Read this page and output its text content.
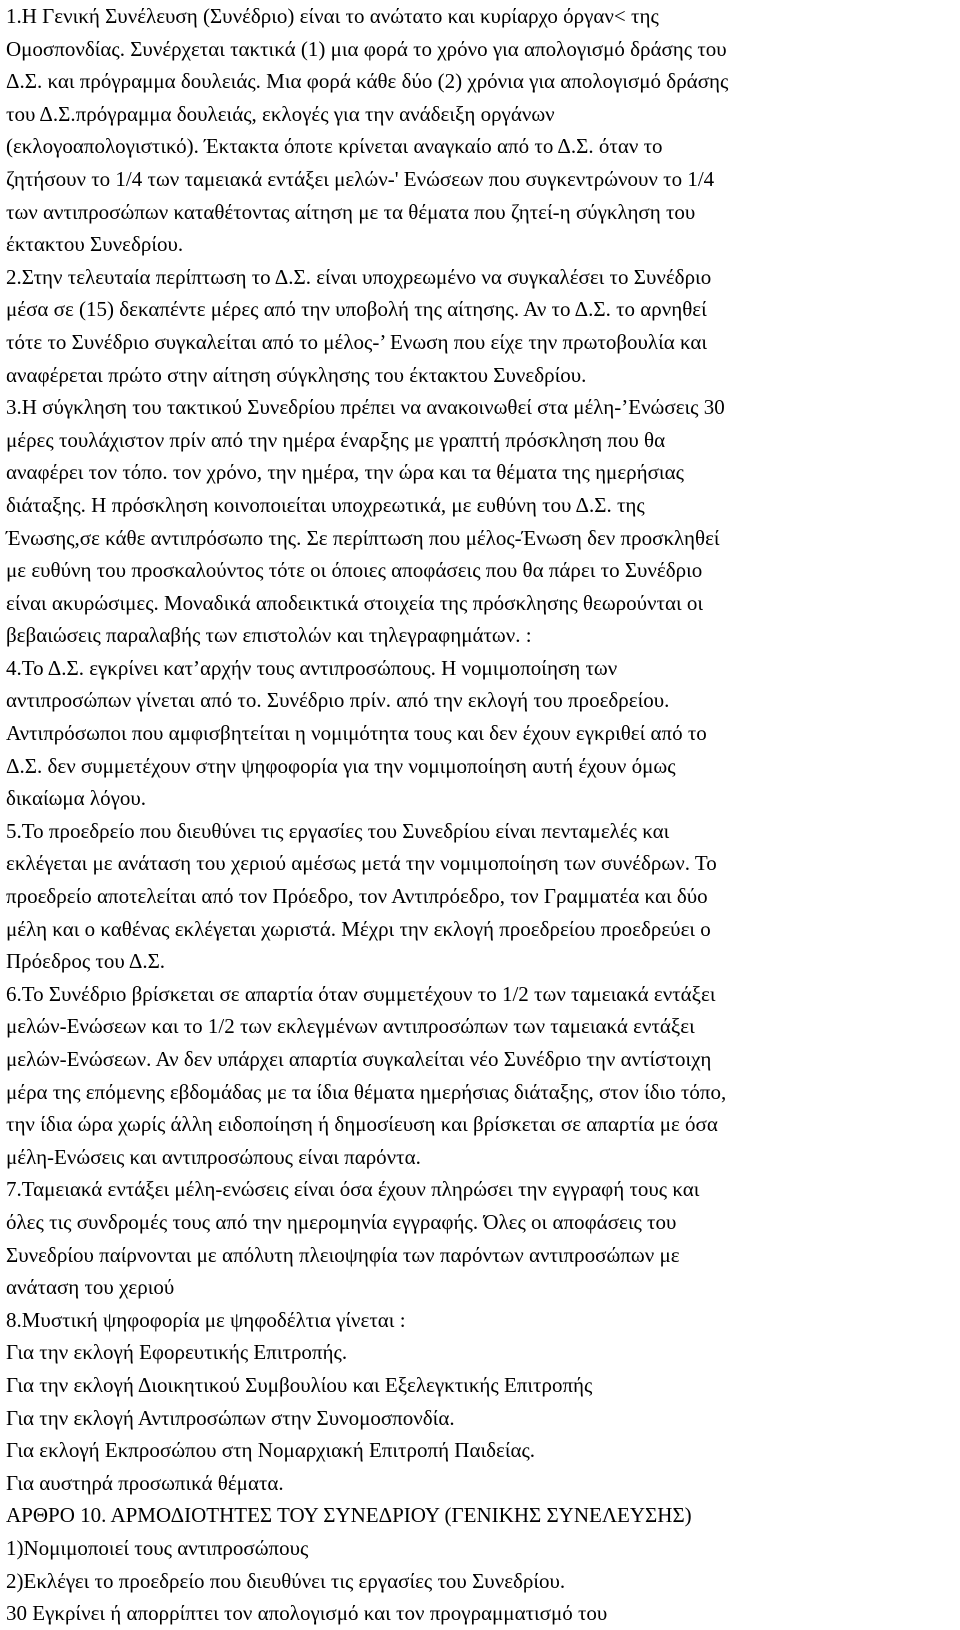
1.Η Γενική Συνέλευση (Συνέδριο) είναι το ανώτατο και κυρίαρχο όργαν< της
Ομοσπονδίας. Συνέρχεται τακτικά (1) μια φορά το χρόνο για απολογισμό δράσης του
Δ.Σ. και πρόγραμμα δουλειάς. Μια φορά κάθε δύο (2) χρόνια για απολογισμό δράσης
του Δ.Σ.πρόγραμμα δουλειάς, εκλογές για την ανάδειξη οργάνων
(εκλογοαπολογιστικό). Έκτακτα όποτε κρίνεται αναγκαίο από το Δ.Σ. όταν το
ζητήσουν το 1/4 των ταμειακά εντάξει μελών-' Ενώσεων που συγκεντρώνουν το 1/4
των αντιπροσώπων καταθέτοντας αίτηση με τα θέματα που ζητεί-η σύγκληση του
έκτακτου Συνεδρίου.
2.Στην τελευταία περίπτωση το Δ.Σ. είναι υποχρεωμένο να συγκαλέσει το Συνέδριο
μέσα σε (15) δεκαπέντε μέρες από την υποβολή της αίτησης. Αν το Δ.Σ. το αρνηθεί
τότε το Συνέδριο συγκαλείται από το μέλος-’ Ενωση που είχε την πρωτοβουλία και
αναφέρεται πρώτο στην αίτηση σύγκλησης του έκτακτου Συνεδρίου.
3.Η σύγκληση του τακτικού Συνεδρίου πρέπει να ανακοινωθεί στα μέλη-’Ενώσεις 30
μέρες τουλάχιστον πρίν από την ημέρα έναρξης με γραπτή πρόσκληση που θα
αναφέρει τον τόπο. τον χρόνο, την ημέρα, την ώρα και τα θέματα της ημερήσιας
διάταξης. Η πρόσκληση κοινοποιείται υποχρεωτικά, με ευθύνη του Δ.Σ. της
Ένωσης,σε κάθε αντιπρόσωπο της. Σε περίπτωση που μέλος-Ένωση δεν προσκληθεί
με ευθύνη του προσκαλούντος τότε οι όποιες αποφάσεις που θα πάρει το Συνέδριο
είναι ακυρώσιμες. Μοναδικά αποδεικτικά στοιχεία της πρόσκλησης θεωρούνται οι
βεβαιώσεις παραλαβής των επιστολών και τηλεγραφημάτων. :
4.Το Δ.Σ. εγκρίνει κατ’αρχήν τους αντιπροσώπους. Η νομιμοποίηση των
αντιπροσώπων γίνεται από το. Συνέδριο πρίν. από την εκλογή του προεδρείου.
Αντιπρόσωποι που αμφισβητείται η νομιμότητα τους και δεν έχουν εγκριθεί από το
Δ.Σ. δεν συμμετέχουν στην ψηφοφορία για την νομιμοποίηση αυτή έχουν όμως
δικαίωμα λόγου.
5.Το προεδρείο που διευθύνει τις εργασίες του Συνεδρίου είναι πενταμελές και
εκλέγεται με ανάταση του χεριού αμέσως μετά την νομιμοποίηση των συνέδρων. Το
προεδρείο αποτελείται από τον Πρόεδρο, τον Αντιπρόεδρο, τον Γραμματέα και δύο
μέλη και ο καθένας εκλέγεται χωριστά. Μέχρι την εκλογή προεδρείου προεδρεύει ο
Πρόεδρος του Δ.Σ.
6.Το Συνέδριο βρίσκεται σε απαρτία όταν συμμετέχουν το 1/2 των ταμειακά εντάξει
μελών-Ενώσεων και το 1/2 των εκλεγμένων αντιπροσώπων των ταμειακά εντάξει
μελών-Ενώσεων. Αν δεν υπάρχει απαρτία συγκαλείται νέο Συνέδριο την αντίστοιχη
μέρα της επόμενης εβδομάδας με τα ίδια θέματα ημερήσιας διάταξης, στον ίδιο τόπο,
την ίδια ώρα χωρίς άλλη ειδοποίηση ή δημοσίευση και βρίσκεται σε απαρτία με όσα
μέλη-Ενώσεις και αντιπροσώπους είναι παρόντα.
7.Ταμειακά εντάξει μέλη-ενώσεις είναι όσα έχουν πληρώσει την εγγραφή τους και
όλες τις συνδρομές τους από την ημερομηνία εγγραφής. Όλες οι αποφάσεις του
Συνεδρίου παίρνονται με απόλυτη πλειοψηφία των παρόντων αντιπροσώπων με
ανάταση του χεριού
8.Μυστική ψηφοφορία με ψηφοδέλτια γίνεται :
Για την εκλογή Εφορευτικής Επιτροπής.
Για την εκλογή Διοικητικού Συμβουλίου και Εξελεγκτικής Επιτροπής
Για την εκλογή Αντιπροσώπων στην Συνομοσπονδία.
Για εκλογή Εκπροσώπου στη Νομαρχιακή Επιτροπή Παιδείας.
Για αυστηρά προσωπικά θέματα.
ΑΡΘΡΟ 10. ΑΡΜΟΔΙΟΤΗΤΕΣ ΤΟΥ ΣΥΝΕΔΡΙΟΥ (ΓΕΝΙΚΗΣ ΣΥΝΕΛΕΥΣΗΣ)
1)Νομιμοποιεί τους αντιπροσώπους
2)Εκλέγει το προεδρείο που διευθύνει τις εργασίες του Συνεδρίου.
30 Εγκρίνει ή απορρίπτει τον απολογισμό και τον προγραμματισμό του
